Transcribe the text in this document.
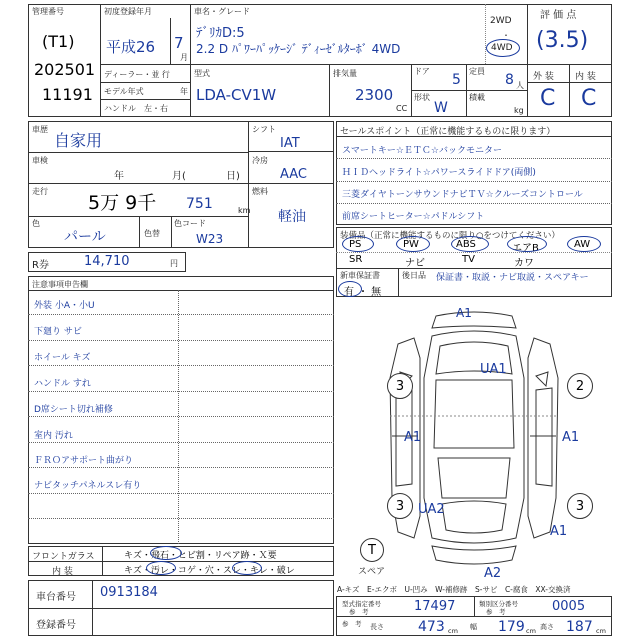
管理番号
(T1)
202501
11191
初度登録年月
平成26 7
月
ディーラー・並 行
モデル年式	年
ハンドル　左・右
車名・グレード
ﾃﾞﾘｶD:5
2.2 D ﾊﾟﾜｰﾊﾟｯｹｰｼﾞ ﾃﾞｨｰｾﾞﾙﾀｰﾎﾞ 4WD
2WD
・
4WD
型式
LDA-CV1W
排気量
2300
CC
ドア
5
定員
8 人
形状
W
積載
kg
評 価 点
(3.5)
外 装 内 装
C C
車歴
自家用
車検
年	月(	日)
走行
5万 9千 751	km
色
パール	色替
色コード
W23
シフト
IAT
冷房
AAC
燃料
軽油
R券	14,710	円
セールスポイント（正常に機能するものに限ります）
スマートキー☆ＥＴＣ☆バックモニター
ＨＩＤヘッドライト☆パワースライドドア(両側)
三菱ダイヤトーンサウンドナビＴＶ☆クルーズコントロール
前席シートヒーター☆パドルシフト
装備品（正常に機能するものに限り○をつけてください）
PS	PW	ABS	エアB	AW
SR	ナビ	TV	カワ
新車保証書
有 ・ 無
後日品 保証書・取説・ナビ取説・スペアキー
注意事項申告欄
外装 小A・小U
下廻り サビ
ホイール キズ
ハンドル すれ
D席シート切れ補修
室内 汚れ
ＦＲＯアサポート曲がり
ナビタッチパネルスレ有り
3	2
3	3
T
スペア
A1
UA1
A1	A1
UA2
A1
A2
フロントガラス	キズ・飛石・ヒビ割・リペア跡・Ｘ要
内 装	キズ・汚レ・コゲ・穴・スレ・キレ・破レ
A-キズ　E-エクボ　U-凹み　W-補修跡　S-サビ　C-腐食　XX-交換済
車台番号 0913184
登録番号
型式指定番号
参　考	17497	類別区分番号
参　考	0005
参　考 長さ 473 cm 幅 179 cm 高さ 187 cm
